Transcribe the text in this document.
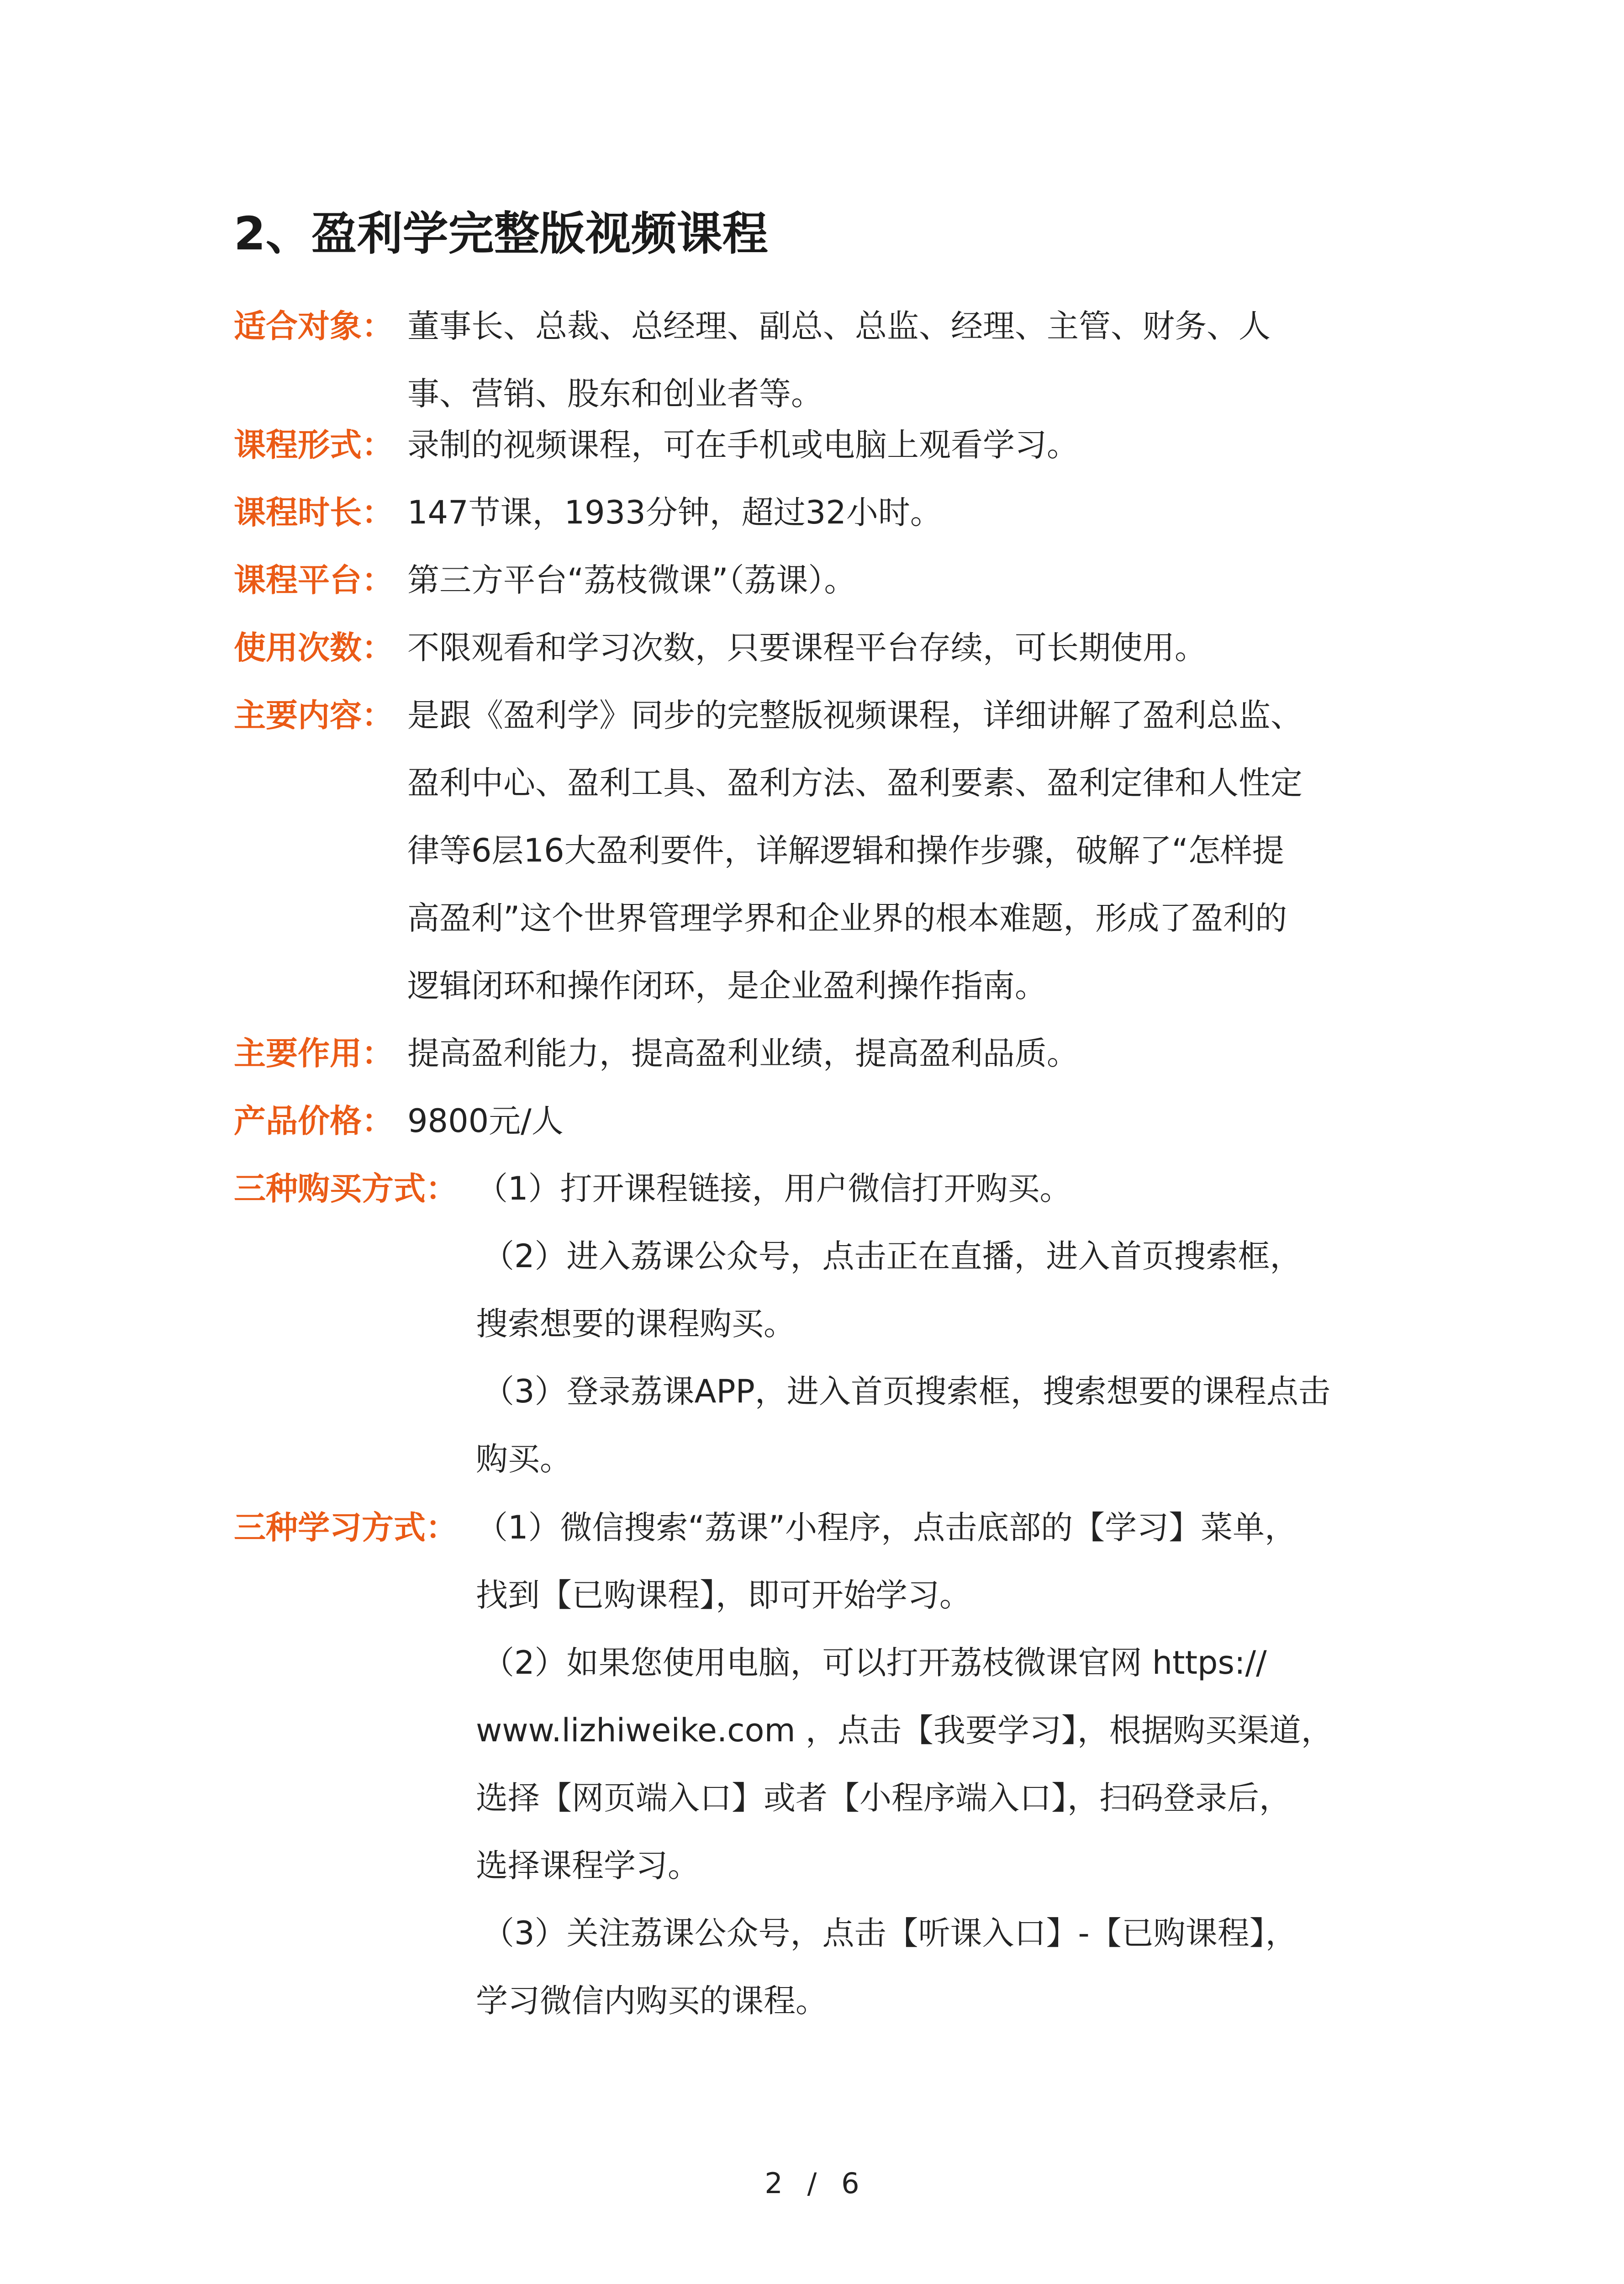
2、盈利学完整版视频课程
适合对象： 董事长、总裁、总经理、副总、总监、经理、主管、财务、人
事、营销、股东和创业者等。
课程形式： 录制的视频课程，可在手机或电脑上观看学习。
课程时长： 147节课，1933分钟，超过32小时。
课程平台： 第三方平台“荔枝微课”（荔课）。
使用次数： 不限观看和学习次数，只要课程平台存续，可长期使用。
主要内容： 是跟《盈利学》同步的完整版视频课程，详细讲解了盈利总监、
盈利中心、盈利工具、盈利方法、盈利要素、盈利定律和人性定
律等6层16大盈利要件，详解逻辑和操作步骤，破解了“怎样提
高盈利”这个世界管理学界和企业界的根本难题，形成了盈利的
逻辑闭环和操作闭环，是企业盈利操作指南。
主要作用： 提高盈利能力，提高盈利业绩，提高盈利品质。
产品价格： 9800元/人
三种购买方式： （1）打开课程链接，用户微信打开购买。
（2）进入荔课公众号，点击正在直播，进入首页搜索框，
搜索想要的课程购买。
（3）登录荔课APP，进入首页搜索框，搜索想要的课程点击
购买。
三种学习方式： （1）微信搜索“荔课”小程序，点击底部的【学习】菜单，
找到【已购课程】，即可开始学习。
（2）如果您使用电脑，可以打开荔枝微课官网 https://
www.lizhiweike.com ，点击【我要学习】，根据购买渠道，
选择【网页端入口】或者【小程序端入口】，扫码登录后，
选择课程学习。
（3）关注荔课公众号，点击【听课入口】-【已购课程】，
学习微信内购买的课程。
2 / 6
